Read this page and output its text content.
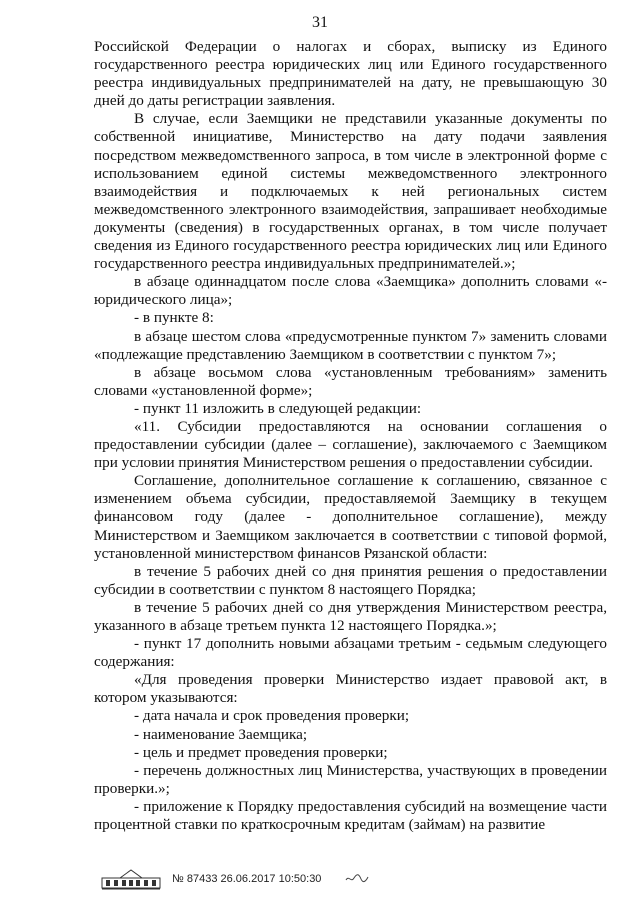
31

Российской Федерации о налогах и сборах, выписку из Единого государственного реестра юридических лиц или Единого государственного реестра индивидуальных предпринимателей на дату, не превышающую 30 дней до даты регистрации заявления.

В случае, если Заемщики не представили указанные документы по собственной инициативе, Министерство на дату подачи заявления посредством межведомственного запроса, в том числе в электронной форме с использованием единой системы межведомственного электронного взаимодействия и подключаемых к ней региональных систем межведомственного электронного взаимодействия, запрашивает необходимые документы (сведения) в государственных органах, в том числе получает сведения из Единого государственного реестра юридических лиц или Единого государственного реестра индивидуальных предпринимателей.»;

в абзаце одиннадцатом после слова «Заемщика» дополнить словами «- юридического лица»;

- в пункте 8:

в абзаце шестом слова «предусмотренные пунктом 7» заменить словами «подлежащие представлению Заемщиком в соответствии с пунктом 7»;

в абзаце восьмом слова «установленным требованиям» заменить словами «установленной форме»;

- пункт 11 изложить в следующей редакции:

«11. Субсидии предоставляются на основании соглашения о предоставлении субсидии (далее – соглашение), заключаемого с Заемщиком при условии принятия Министерством решения о предоставлении субсидии.

Соглашение, дополнительное соглашение к соглашению, связанное с изменением объема субсидии, предоставляемой Заемщику в текущем финансовом году (далее - дополнительное соглашение), между Министерством и Заемщиком заключается в соответствии с типовой формой, установленной министерством финансов Рязанской области:

в течение 5 рабочих дней со дня принятия решения о предоставлении субсидии в соответствии с пунктом 8 настоящего Порядка;

в течение 5 рабочих дней со дня утверждения Министерством реестра, указанного в абзаце третьем пункта 12 настоящего Порядка.»;

- пункт 17 дополнить новыми абзацами третьим - седьмым следующего содержания:

«Для проведения проверки Министерство издает правовой акт, в котором указываются:

- дата начала и срок проведения проверки;

- наименование Заемщика;

- цель и предмет проведения проверки;

- перечень должностных лиц Министерства, участвующих в проведении проверки.»;

- приложение к Порядку предоставления субсидий на возмещение части процентной ставки по краткосрочным кредитам (займам) на развитие

№ 87433 26.06.2017 10:50:30
